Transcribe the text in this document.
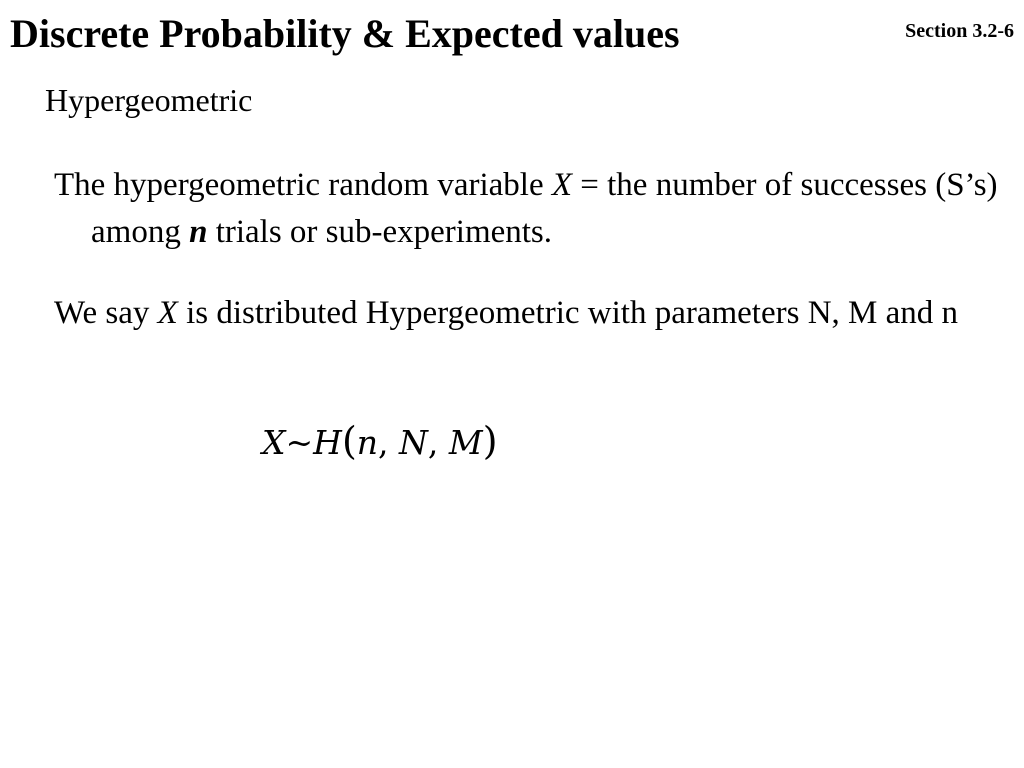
Discrete Probability & Expected values	Section 3.2-6
Hypergeometric

The hypergeometric random variable X = the number of successes (S’s) among n trials or sub-experiments.

We say X is distributed Hypergeometric with parameters N, M and n

X~H(n, N, M)
